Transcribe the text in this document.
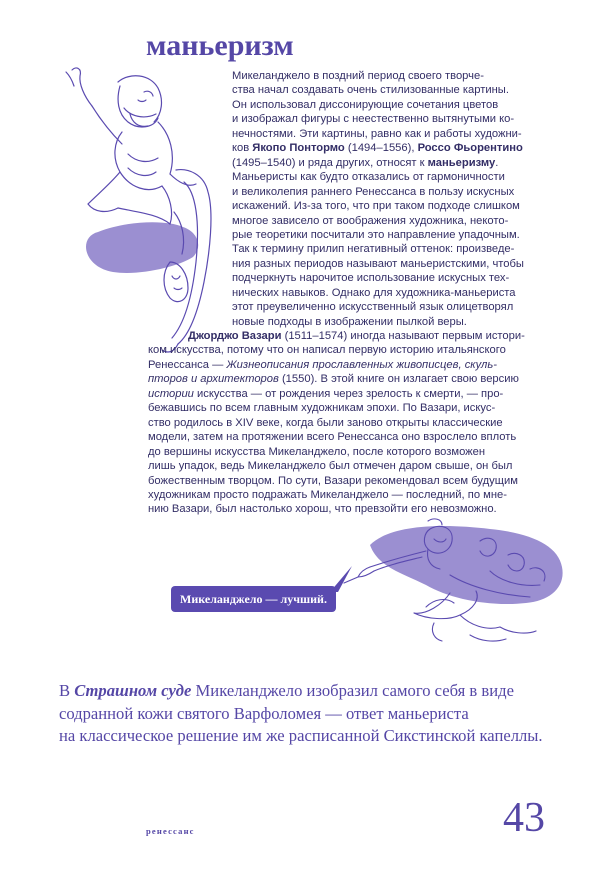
маньеризм
Микеланджело в поздний период своего творче-
ства начал создавать очень стилизованные картины.
Он использовал диссонирующие сочетания цветов
и изображал фигуры с неестественно вытянутыми ко-
нечностями. Эти картины, равно как и работы художни-
ков Якопо Понтормо (1494–1556), Россо Фьорентино
(1495–1540) и ряда других, относят к маньеризму.
Маньеристы как будто отказались от гармоничности
и великолепия раннего Ренессанса в пользу искусных
искажений. Из-за того, что при таком подходе слишком
многое зависело от воображения художника, некото-
рые теоретики посчитали это направление упадочным.
Так к термину прилип негативный оттенок: произведе-
ния разных периодов называют маньеристскими, чтобы
подчеркнуть нарочитое использование искусных тех-
нических навыков. Однако для художника-маньериста
этот преувеличенно искусственный язык олицетворял
новые подходы в изображении пылкой веры.
Джорджо Вазари (1511–1574) иногда называют первым истори-
ком искусства, потому что он написал первую историю итальянского
Ренессанса — Жизнеописания прославленных живописцев, скуль-
пторов и архитекторов (1550). В этой книге он излагает свою версию
истории искусства — от рождения через зрелость к смерти, — про-
бежавшись по всем главным художникам эпохи. По Вазари, искус-
ство родилось в XIV веке, когда были заново открыты классические
модели, затем на протяжении всего Ренессанса оно взрослело вплоть
до вершины искусства Микеланджело, после которого возможен
лишь упадок, ведь Микеланджело был отмечен даром свыше, он был
божественным творцом. По сути, Вазари рекомендовал всем будущим
художникам просто подражать Микеланджело — последний, по мне-
нию Вазари, был настолько хорош, что превзойти его невозможно.
Микеланджело — лучший.
В Страшном суде Микеланджело изобразил самого себя в виде
содранной кожи святого Варфоломея — ответ маньериста
на классическое решение им же расписанной Сикстинской капеллы.
ренессанс	43
